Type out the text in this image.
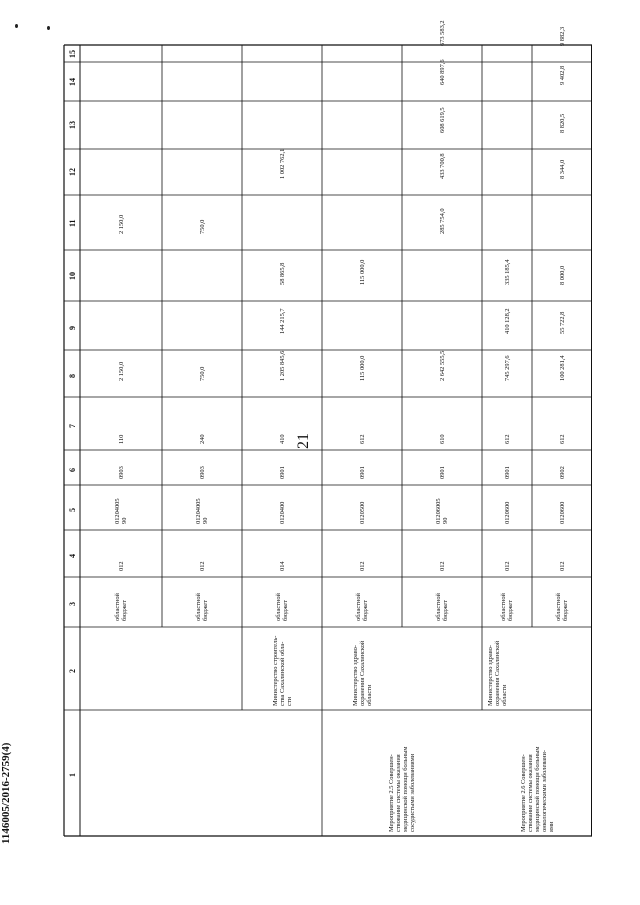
21
1146005/2016-2759(4)	1
2
3
4
5
6
7
8
9
10
11
12
13
14
15
областной
бюджет
012
01204005
90
0903
110
2 150,0
2 150,0
областной
бюджет
012
01204005
90
0903
240
750,0
750,0
Министерство строитель-
ства Сахалинской обла-
сти
областной
бюджет
014
0120400
0901
410
1 205 845,6
144 215,7
58 865,8
1 002 762,1
Мероприятие 2.5 Совершен-
ствование системы оказания
медицинской помощи больным
сосудистыми заболеваниями
Министерство здраво-
охранения Сахалинской
области
областной
бюджет
012
0120500
0901
612
115 000,0
115 000,0
областной
бюджет
012
01206005
90
0901
610
2 642 555,5
285 754,0
433 700,8
608 619,5
640 897,6
673 583,2
Мероприятие 2.6 Совершен-
ствование системы оказания
медицинской помощи больным
онкологическими заболевани-
ями
Министерство здраво-
охранения Сахалинской
области
областной
бюджет
012
0120600
0901
612
745 297,6
410 128,2
335 185,4
областной
бюджет
012
0120600
0902
612
100 281,4
55 722,8
8 000,0
8 344,0
8 820,5
9 402,8
9 882,3
